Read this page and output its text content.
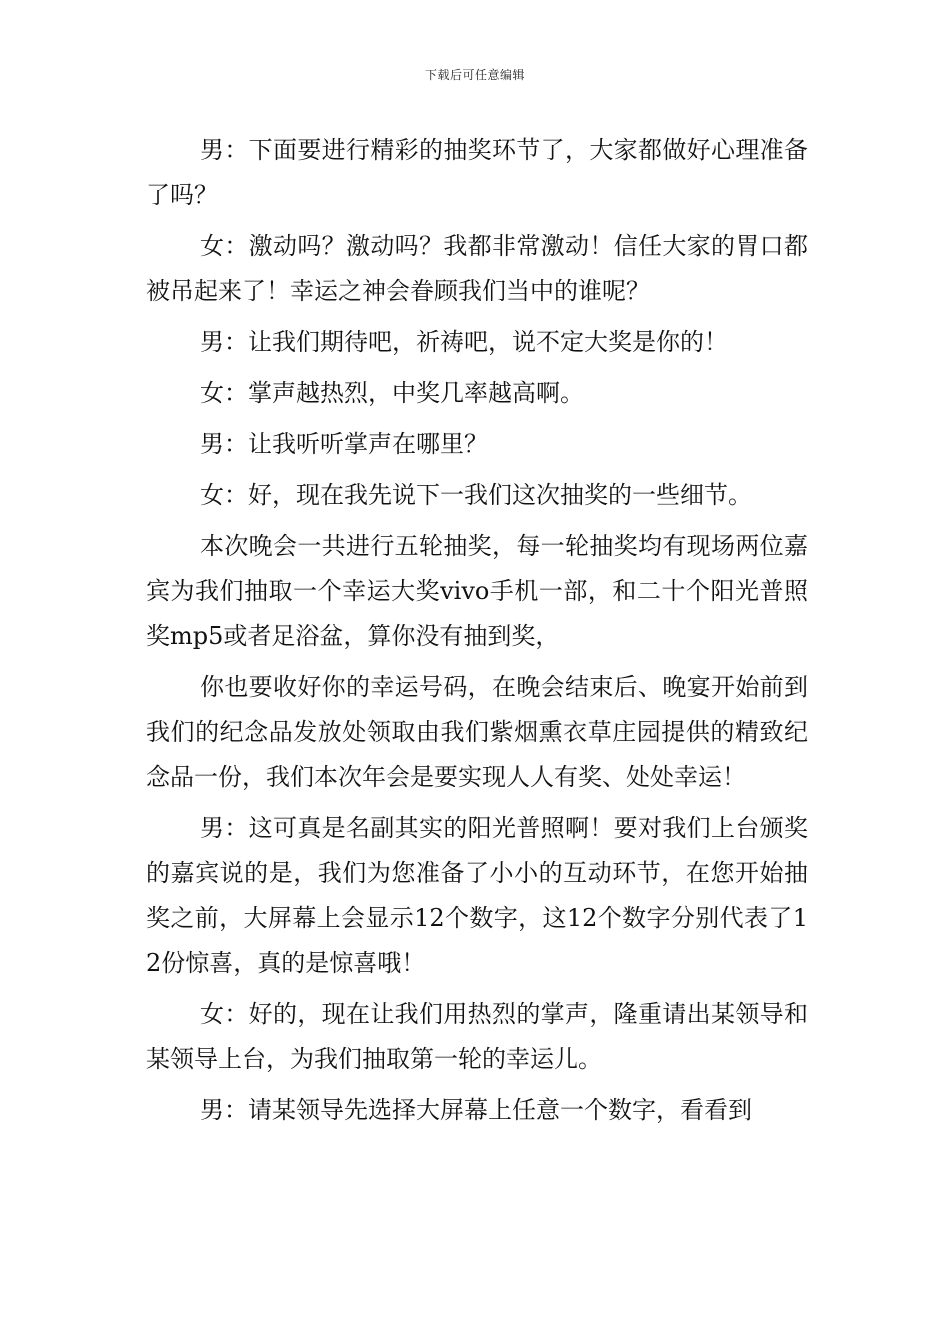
下载后可任意编辑

男：下面要进行精彩的抽奖环节了，大家都做好心理准备了吗？

女：激动吗？激动吗？我都非常激动！信任大家的胃口都被吊起来了！幸运之神会眷顾我们当中的谁呢？

男：让我们期待吧，祈祷吧，说不定大奖是你的！

女：掌声越热烈，中奖几率越高啊。

男：让我听听掌声在哪里？

女：好，现在我先说下一我们这次抽奖的一些细节。

本次晚会一共进行五轮抽奖，每一轮抽奖均有现场两位嘉宾为我们抽取一个幸运大奖vivo手机一部，和二十个阳光普照奖mp5或者足浴盆，算你没有抽到奖，

你也要收好你的幸运号码，在晚会结束后、晚宴开始前到我们的纪念品发放处领取由我们紫烟熏衣草庄园提供的精致纪念品一份，我们本次年会是要实现人人有奖、处处幸运！

男：这可真是名副其实的阳光普照啊！要对我们上台颁奖的嘉宾说的是，我们为您准备了小小的互动环节，在您开始抽奖之前，大屏幕上会显示12个数字，这12个数字分别代表了12份惊喜，真的是惊喜哦！

女：好的，现在让我们用热烈的掌声，隆重请出某领导和某领导上台，为我们抽取第一轮的幸运儿。

男：请某领导先选择大屏幕上任意一个数字，看看到
